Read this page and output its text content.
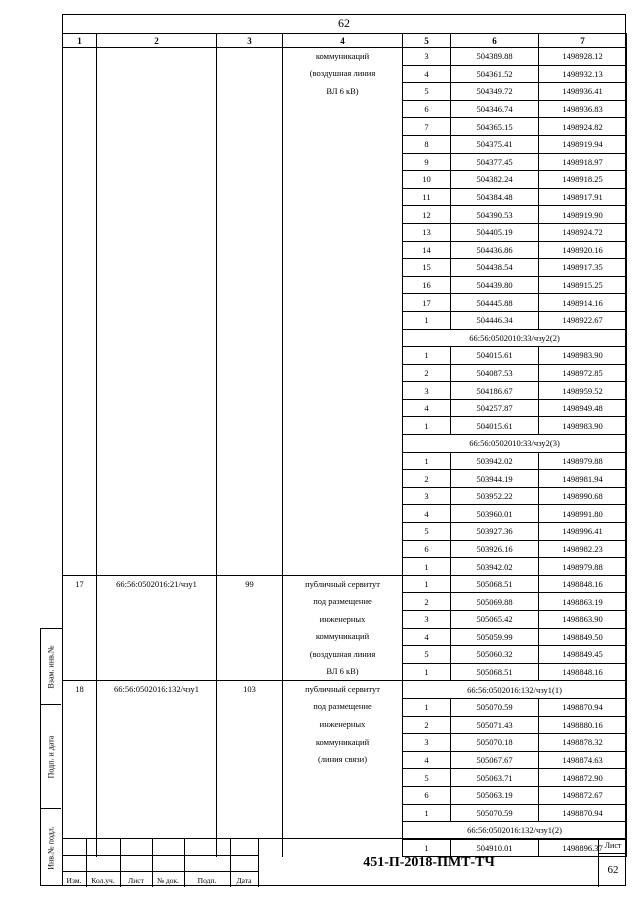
62
Взам. инв.№
Подп. и дата
Инв.№ подл.
1	2	3	4	5	6	7
			коммуникаций	3	504389.88	1498928.12
			(воздушная линия	4	504361.52	1498932.13
			ВЛ 6 кВ)	5	504349.72	1498936.41
				6	504346.74	1498936.83
				7	504365.15	1498924.82
				8	504375.41	1498919.94
				9	504377.45	1498918.97
				10	504382.24	1498918.25
				11	504384.48	1498917.91
				12	504390.53	1498919.90
				13	504405.19	1498924.72
				14	504436.86	1498920.16
				15	504438.54	1498917.35
				16	504439.80	1498915.25
				17	504445.88	1498914.16
				1	504446.34	1498922.67
				66:56:0502010:33/чзу2(2)		
				1	504015.61	1498983.90
				2	504087.53	1498972.85
				3	504186.67	1498959.52
				4	504257.87	1498949.48
				1	504015.61	1498983.90
				66:56:0502010:33/чзу2(3)		
				1	503942.02	1498979.88
				2	503944.19	1498981.94
				3	503952.22	1498990.68
				4	503960.01	1498991.80
				5	503927.36	1498996.41
				6	503926.16	1498982.23
				1	503942.02	1498979.88
17	66:56:0502016:21/чзу1	99	публичный сервитут	1	505068.51	1498848.16
			под размещение	2	505069.88	1498863.19
			инженерных	3	505065.42	1498863.90
			коммуникаций	4	505059.99	1498849.50
			(воздушная линия	5	505060.32	1498849.45
			ВЛ 6 кВ)	1	505068.51	1498848.16
18	66:56:0502016:132/чзу1	103	публичный сервитут	66:56:0502016:132/чзу1(1)		
			под размещение	1	505070.59	1498870.94
			инженерных	2	505071.43	1498880.16
			коммуникаций	3	505070.18	1498878.32
			(линия связи)	4	505067.67	1498874.63
				5	505063.71	1498872.90
				6	505063.19	1498872.67
				1	505070.59	1498870.94
				66:56:0502016:132/чзу1(2)		
				1	504910.01	1498896.37
Изм.	Кол.уч.	Лист	№ док.	Подп.	Дата
451-П-2018-ПМТ-ТЧ
Лист
62
